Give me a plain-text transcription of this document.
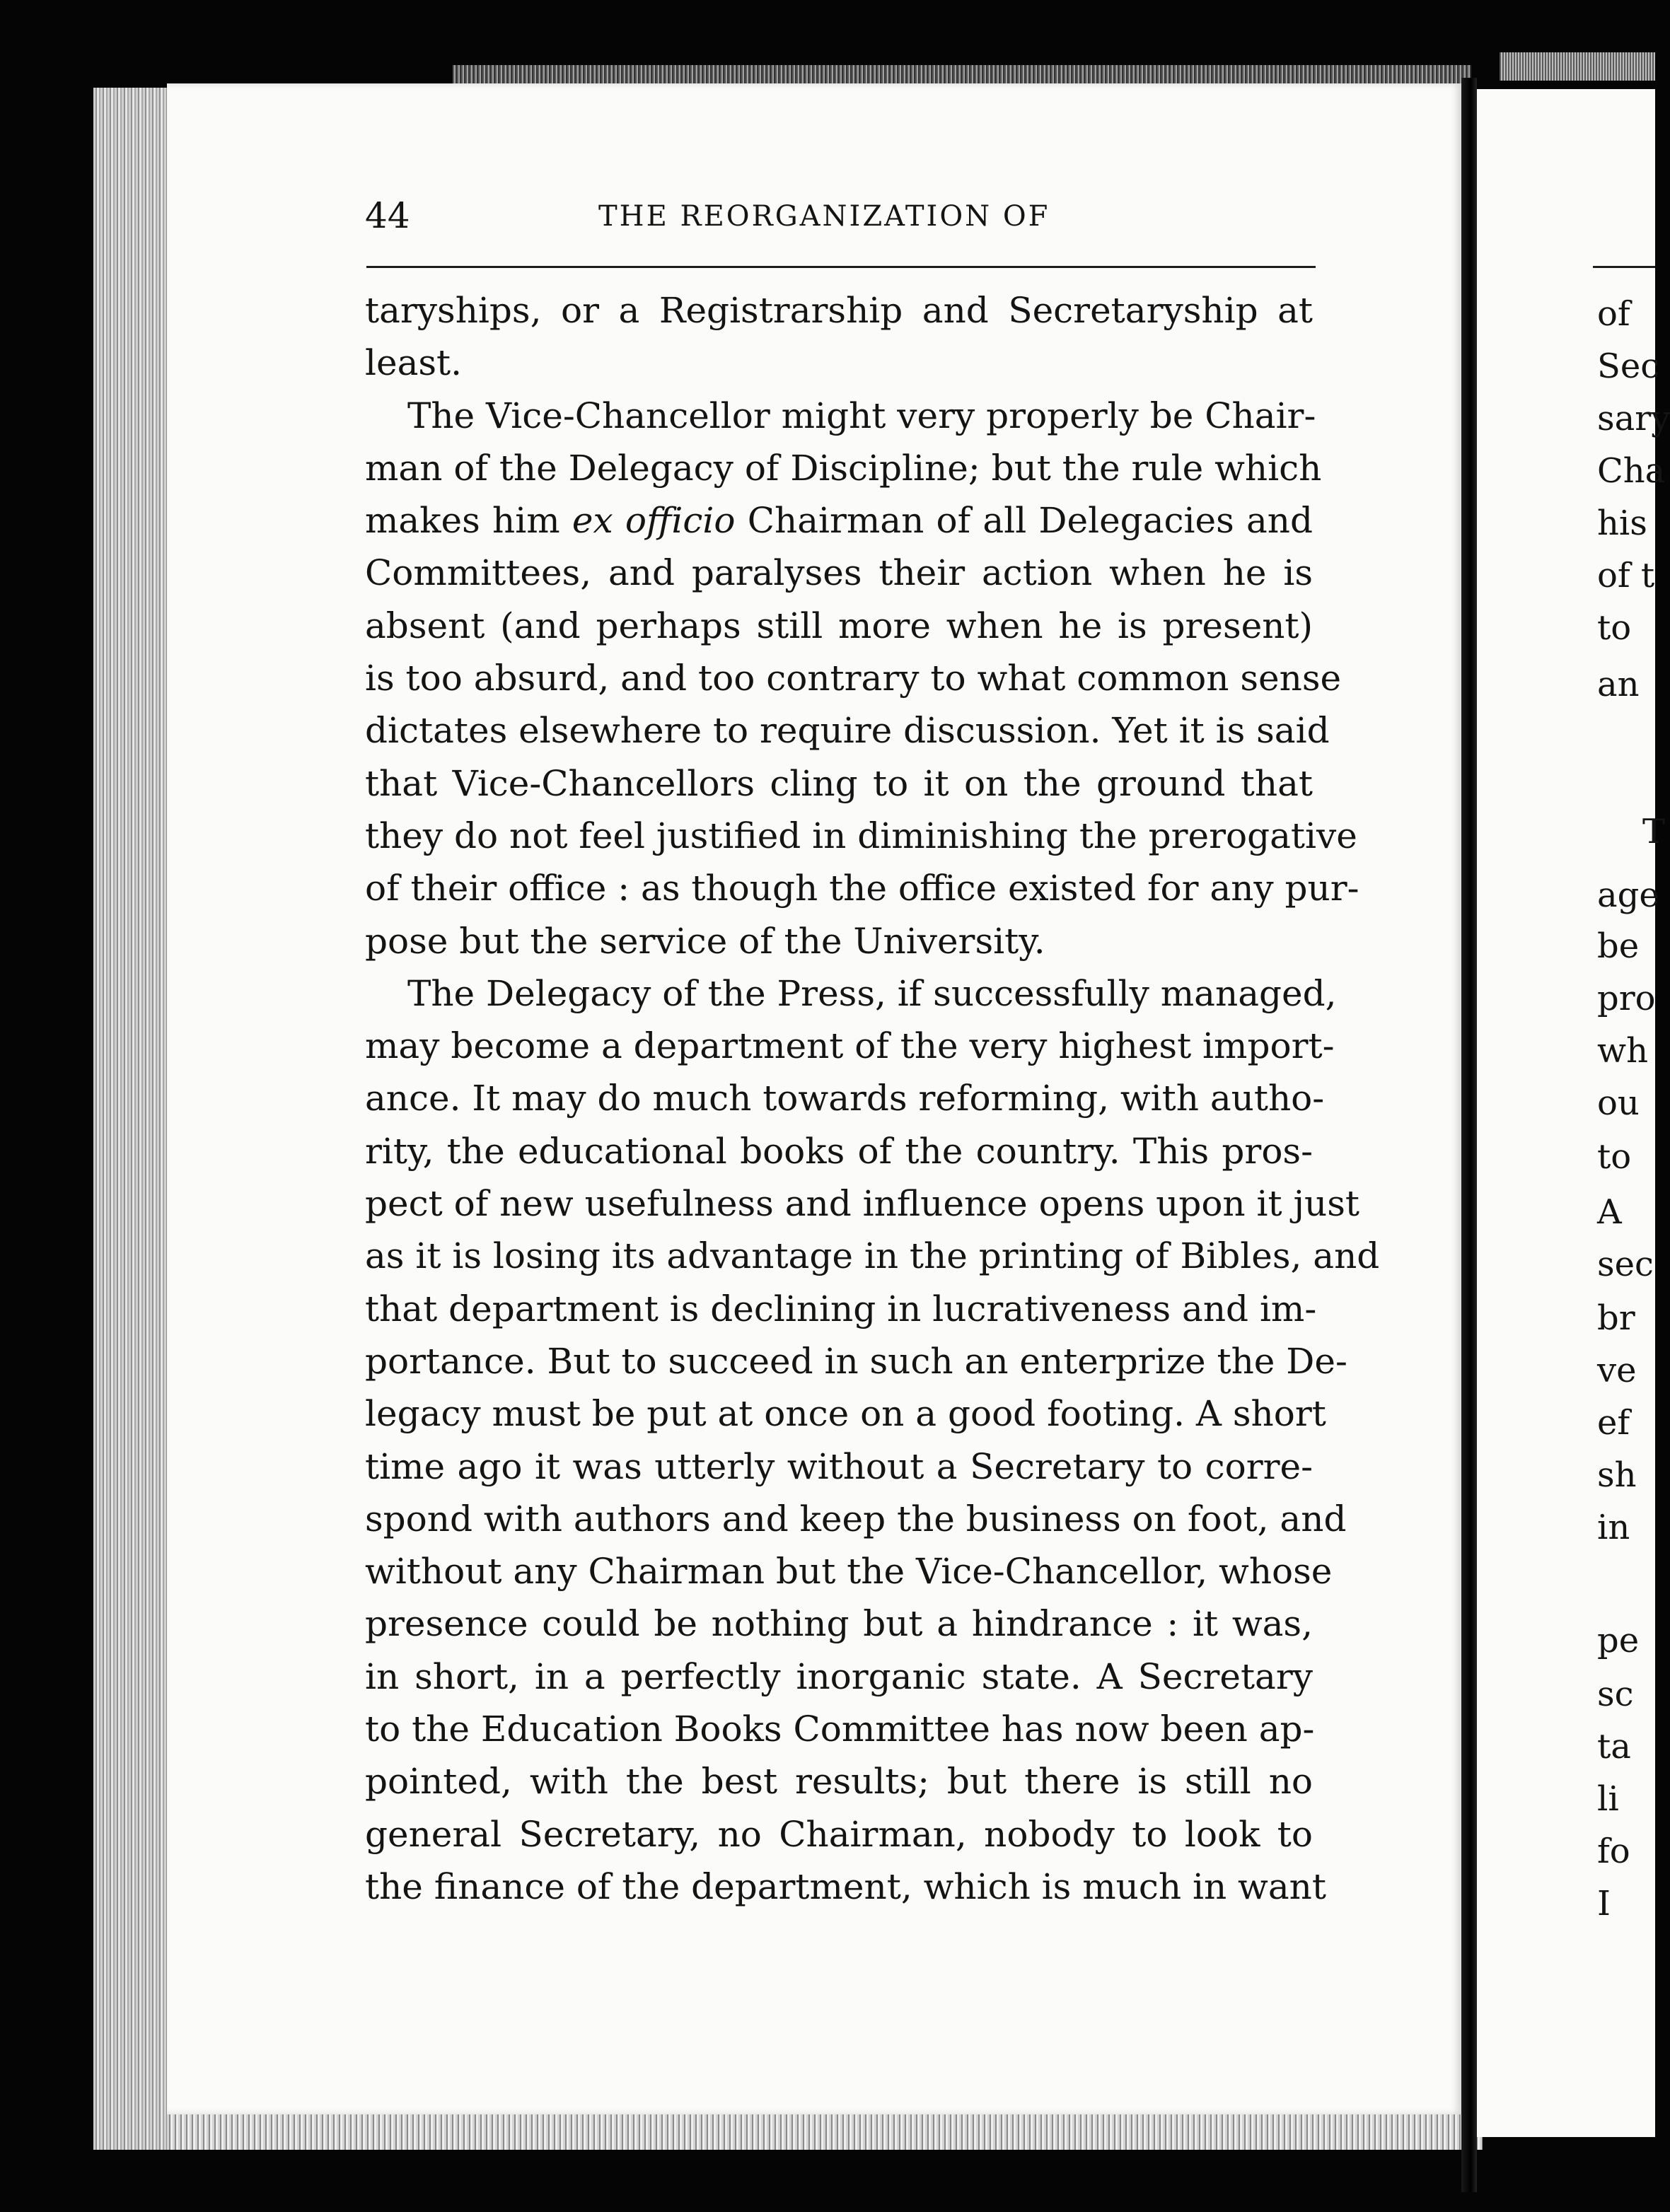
44	THE REORGANIZATION OF
taryships, or a Registrarship and Secretaryship at
least.
The Vice-Chancellor might very properly be Chair-
man of the Delegacy of Discipline; but the rule which
makes him ex officio Chairman of all Delegacies and
Committees, and paralyses their action when he is
absent (and perhaps still more when he is present)
is too absurd, and too contrary to what common sense
dictates elsewhere to require discussion. Yet it is said
that Vice-Chancellors cling to it on the ground that
they do not feel justified in diminishing the prerogative
of their office : as though the office existed for any pur-
pose but the service of the University.
The Delegacy of the Press, if successfully managed,
may become a department of the very highest import-
ance. It may do much towards reforming, with autho-
rity, the educational books of the country. This pros-
pect of new usefulness and influence opens upon it just
as it is losing its advantage in the printing of Bibles, and
that department is declining in lucrativeness and im-
portance. But to succeed in such an enterprize the De-
legacy must be put at once on a good footing. A short
time ago it was utterly without a Secretary to corre-
spond with authors and keep the business on foot, and
without any Chairman but the Vice-Chancellor, whose
presence could be nothing but a hindrance : it was,
in short, in a perfectly inorganic state. A Secretary
to the Education Books Committee has now been ap-
pointed, with the best results; but there is still no
general Secretary, no Chairman, nobody to look to
the finance of the department, which is much in want
of
Sec
sary
Cha
his
of t
to
an
T
age
be
pro
wh
ou
to
A
sec
br
ve
ef
sh
in
pe
sc
ta
li
fo
I
